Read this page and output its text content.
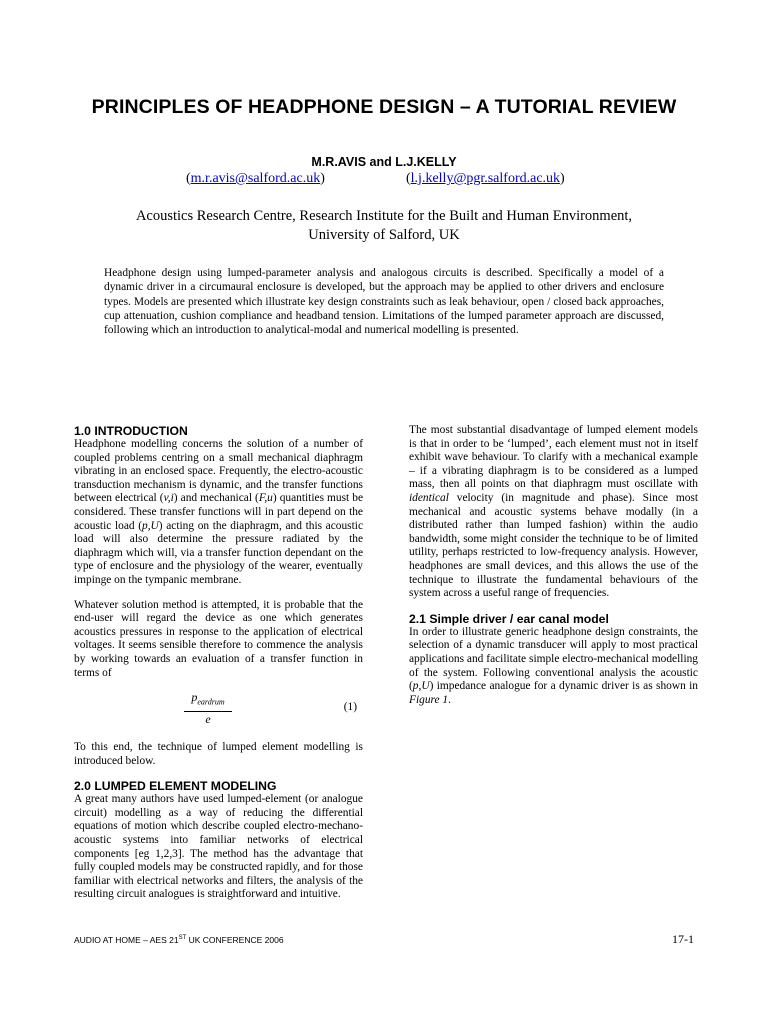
PRINCIPLES OF HEADPHONE DESIGN – A TUTORIAL REVIEW
M.R.AVIS and L.J.KELLY
(m.r.avis@salford.ac.uk)	(l.j.kelly@pgr.salford.ac.uk)
Acoustics Research Centre, Research Institute for the Built and Human Environment,
University of Salford, UK
Headphone design using lumped-parameter analysis and analogous circuits is described. Specifically a model of a dynamic driver in a circumaural enclosure is developed, but the approach may be applied to other drivers and enclosure types. Models are presented which illustrate key design constraints such as leak behaviour, open / closed back approaches, cup attenuation, cushion compliance and headband tension. Limitations of the lumped parameter approach are discussed, following which an introduction to analytical-modal and numerical modelling is presented.
1.0 INTRODUCTION

Headphone modelling concerns the solution of a number of coupled problems centring on a small mechanical diaphragm vibrating in an enclosed space. Frequently, the electro-acoustic transduction mechanism is dynamic, and the transfer functions between electrical (v,i) and mechanical (F,u) quantities must be considered. These transfer functions will in part depend on the acoustic load (p,U) acting on the diaphragm, and this acoustic load will also determine the pressure radiated by the diaphragm which will, via a transfer function dependant on the type of enclosure and the physiology of the wearer, eventually impinge on the tympanic membrane.

Whatever solution method is attempted, it is probable that the end-user will regard the device as one which generates acoustics pressures in response to the application of electrical voltages. It seems sensible therefore to commence the analysis by working towards an evaluation of a transfer function in terms of

$p_{eardrum}$
e
(1)

To this end, the technique of lumped element modelling is introduced below.

2.0 LUMPED ELEMENT MODELING

A great many authors have used lumped-element (or analogue circuit) modelling as a way of reducing the differential equations of motion which describe coupled electro-mechano-acoustic systems into familiar networks of electrical components [eg 1,2,3]. The method has the advantage that fully coupled models may be constructed rapidly, and for those familiar with electrical networks and filters, the analysis of the resulting circuit analogues is straightforward and intuitive.

The most substantial disadvantage of lumped element models is that in order to be ‘lumped’, each element must not in itself exhibit wave behaviour. To clarify with a mechanical example – if a vibrating diaphragm is to be considered as a lumped mass, then all points on that diaphragm must oscillate with identical velocity (in magnitude and phase). Since most mechanical and acoustic systems behave modally (in a distributed rather than lumped fashion) within the audio bandwidth, some might consider the technique to be of limited utility, perhaps restricted to low-frequency analysis. However, headphones are small devices, and this allows the use of the technique to illustrate the fundamental behaviours of the system across a useful range of frequencies.

2.1 Simple driver / ear canal model

In order to illustrate generic headphone design constraints, the selection of a dynamic transducer will apply to most practical applications and facilitate simple electro-mechanical modelling of the system. Following conventional analysis the acoustic (p,U) impedance analogue for a dynamic driver is as shown in Figure 1.

AUDIO AT HOME – AES 21ST UK CONFERENCE 2006	17-1
